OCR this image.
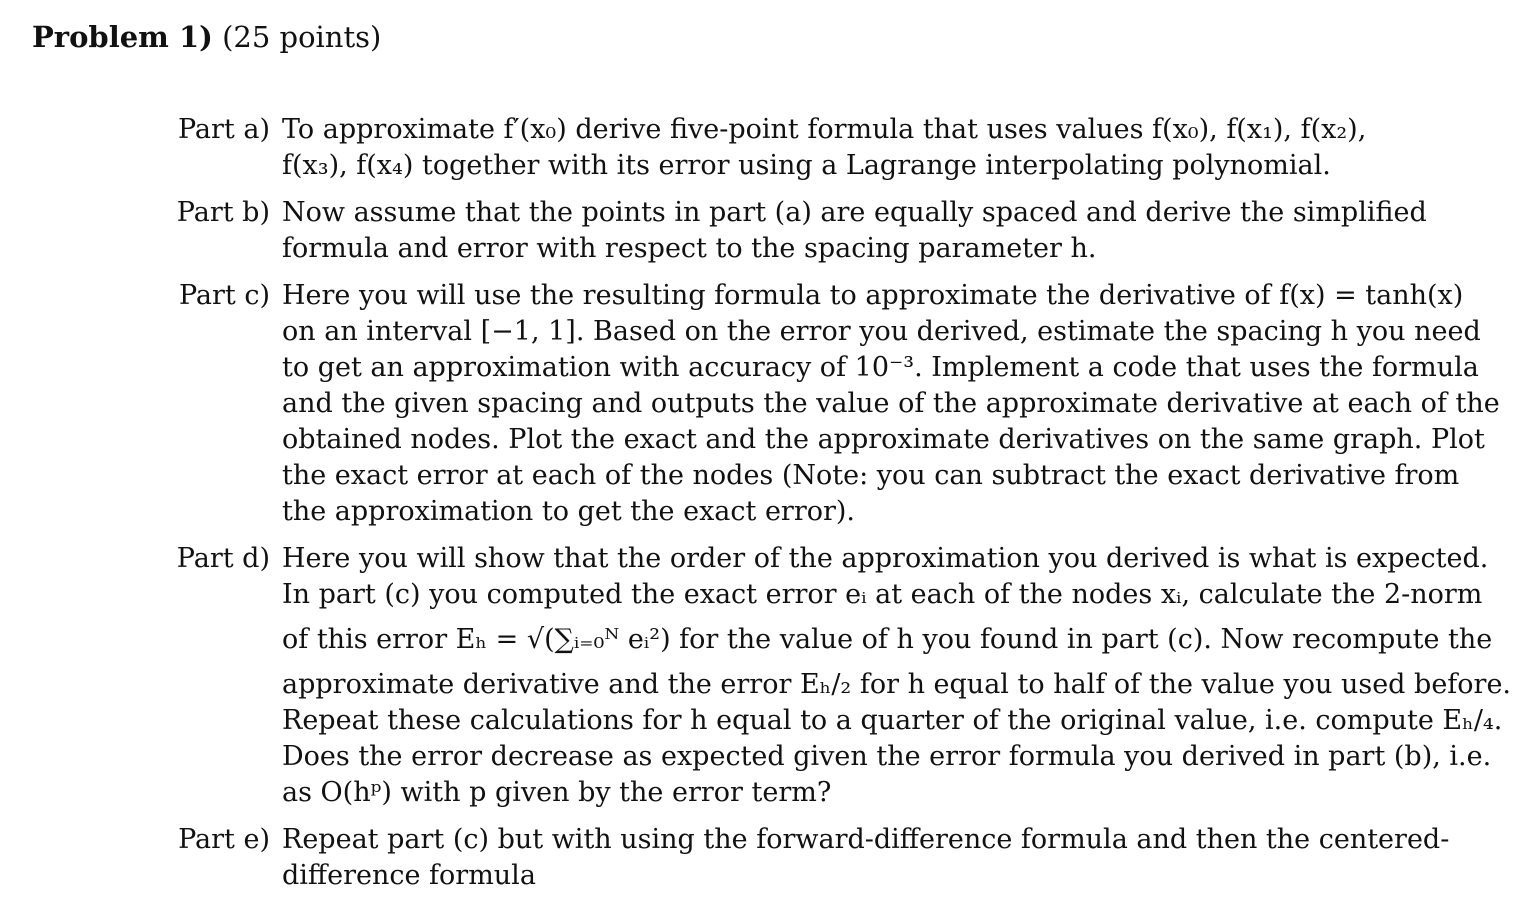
Problem 1) (25 points)
Part a) To approximate f′(x₀) derive five-point formula that uses values f(x₀), f(x₁), f(x₂),
f(x₃), f(x₄) together with its error using a Lagrange interpolating polynomial.
Part b) Now assume that the points in part (a) are equally spaced and derive the simplified
formula and error with respect to the spacing parameter h.
Part c) Here you will use the resulting formula to approximate the derivative of f(x) = tanh(x)
on an interval [−1, 1]. Based on the error you derived, estimate the spacing h you need
to get an approximation with accuracy of 10⁻³. Implement a code that uses the formula
and the given spacing and outputs the value of the approximate derivative at each of the
obtained nodes. Plot the exact and the approximate derivatives on the same graph. Plot
the exact error at each of the nodes (Note: you can subtract the exact derivative from
the approximation to get the exact error).
Part d) Here you will show that the order of the approximation you derived is what is expected.
In part (c) you computed the exact error eᵢ at each of the nodes xᵢ, calculate the 2-norm
of this error Eₕ = √(∑ᵢ₌₀ᴺ eᵢ²) for the value of h you found in part (c). Now recompute the
approximate derivative and the error Eₕ/₂ for h equal to half of the value you used before.
Repeat these calculations for h equal to a quarter of the original value, i.e. compute Eₕ/₄.
Does the error decrease as expected given the error formula you derived in part (b), i.e.
as O(hᵖ) with p given by the error term?
Part e) Repeat part (c) but with using the forward-difference formula and then the centered-
difference formula
